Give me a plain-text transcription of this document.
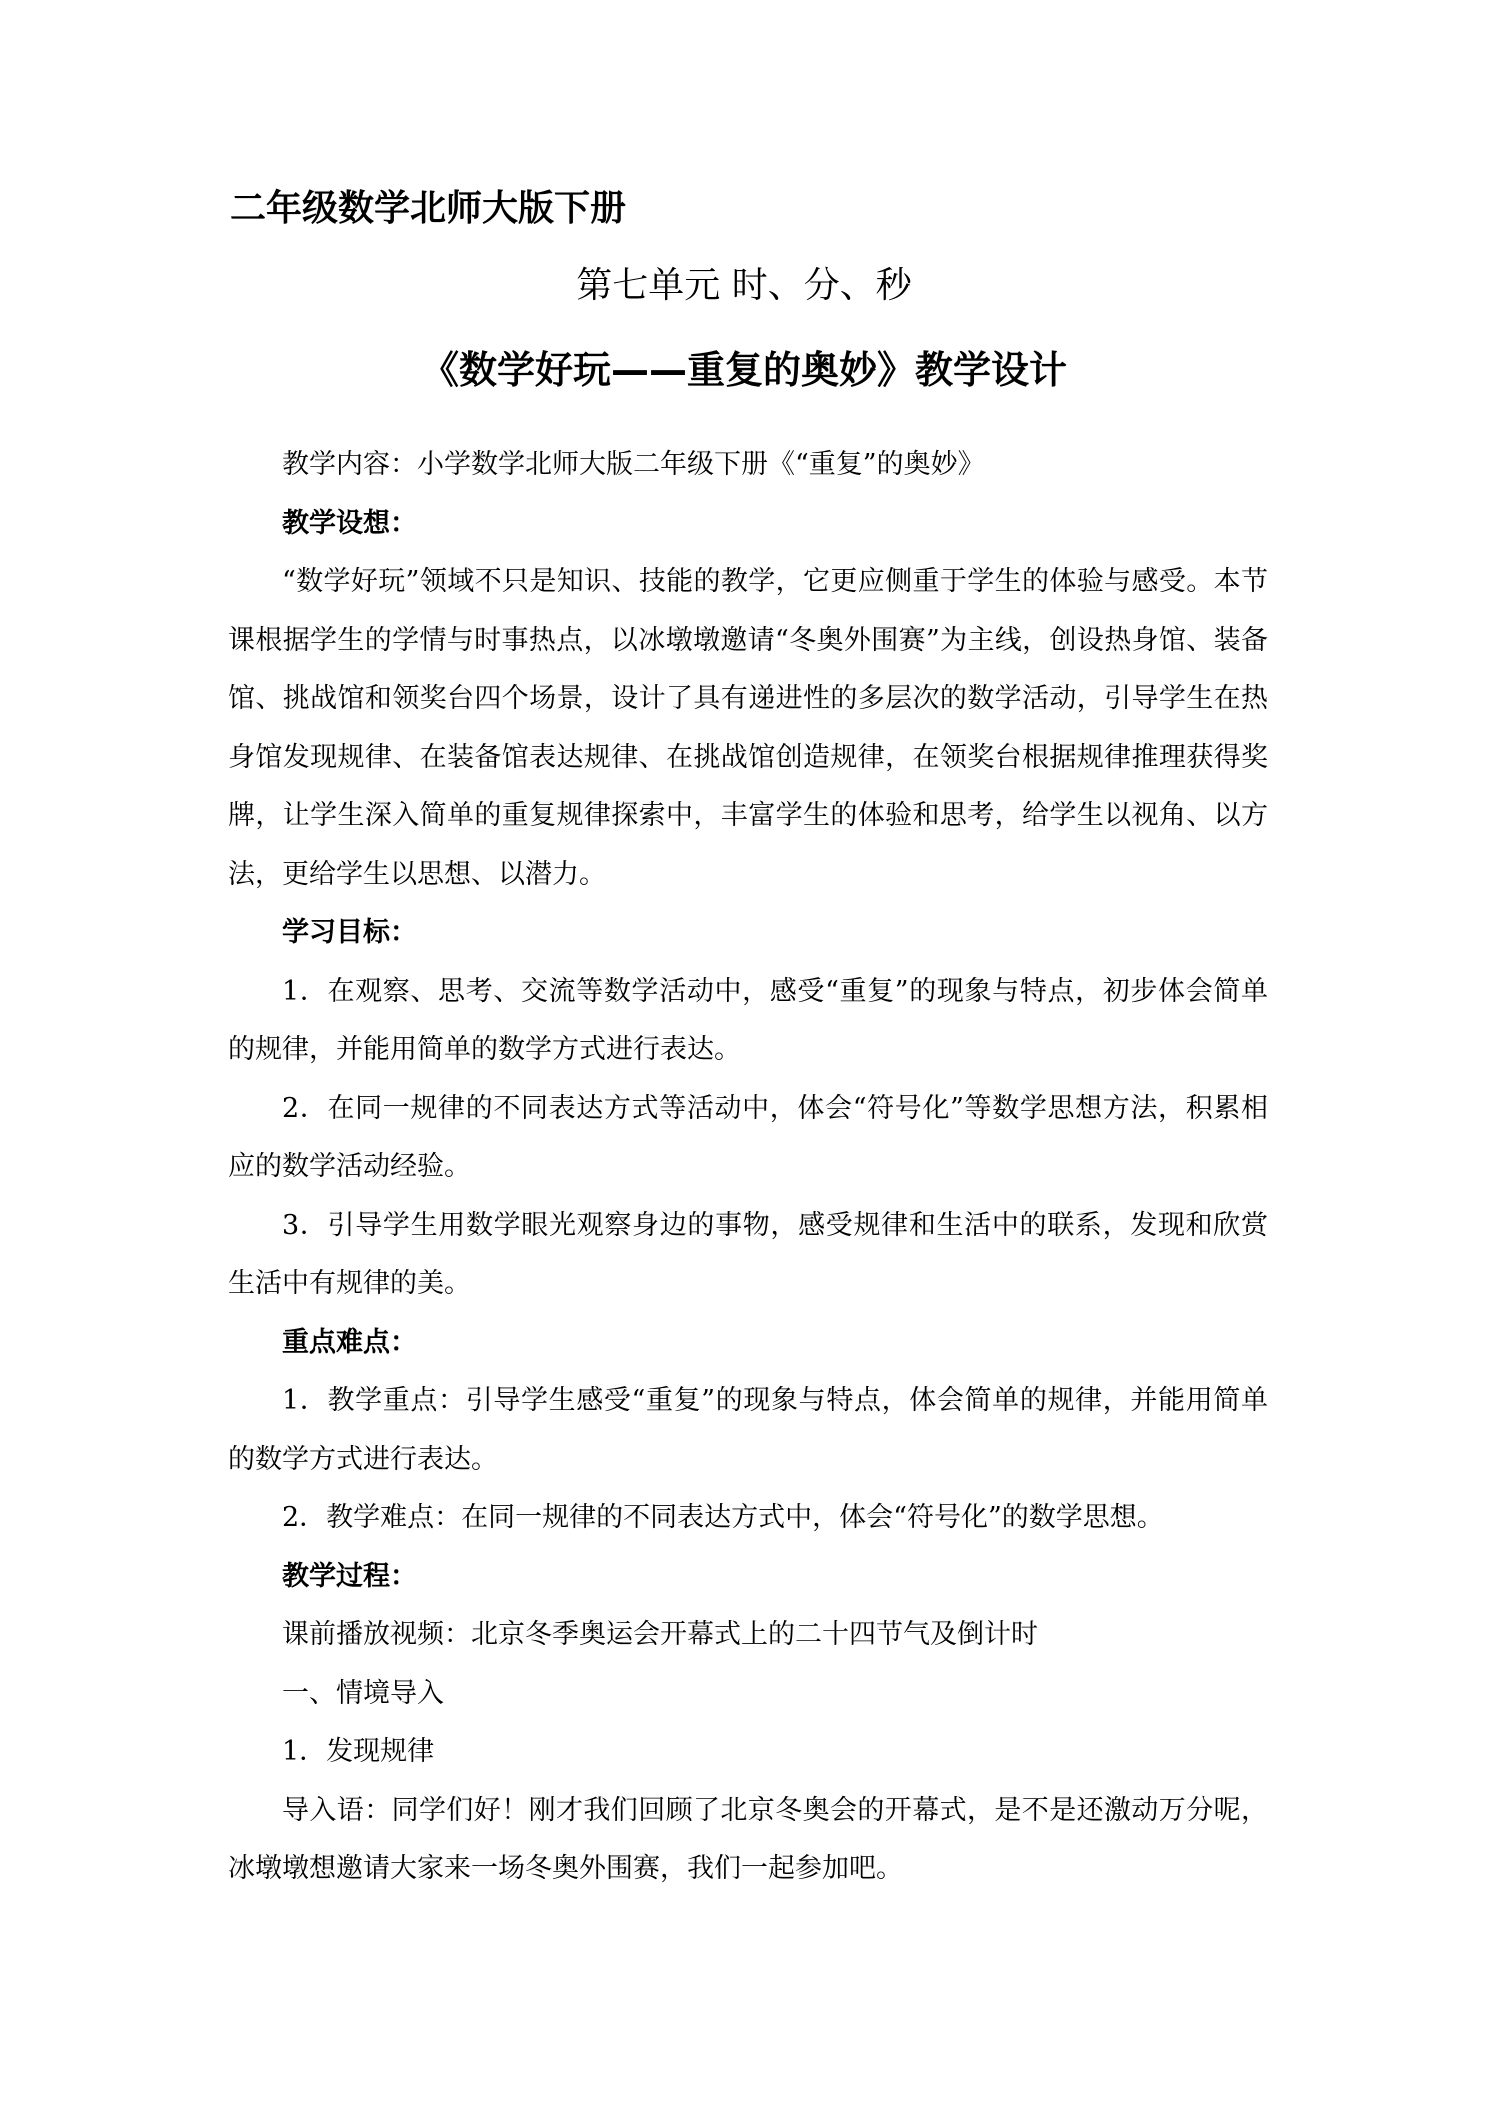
二年级数学北师大版下册
第七单元 时、分、秒
《数学好玩——重复的奥妙》教学设计

教学内容：小学数学北师大版二年级下册《“重复”的奥妙》

教学设想：

“数学好玩”领域不只是知识、技能的教学，它更应侧重于学生的体验与感受。本节课根据学生的学情与时事热点，以冰墩墩邀请“冬奥外围赛”为主线，创设热身馆、装备馆、挑战馆和领奖台四个场景，设计了具有递进性的多层次的数学活动，引导学生在热身馆发现规律、在装备馆表达规律、在挑战馆创造规律，在领奖台根据规律推理获得奖牌，让学生深入简单的重复规律探索中，丰富学生的体验和思考，给学生以视角、以方法，更给学生以思想、以潜力。

学习目标：

1．在观察、思考、交流等数学活动中，感受“重复”的现象与特点，初步体会简单的规律，并能用简单的数学方式进行表达。

2．在同一规律的不同表达方式等活动中，体会“符号化”等数学思想方法，积累相应的数学活动经验。

3．引导学生用数学眼光观察身边的事物，感受规律和生活中的联系，发现和欣赏生活中有规律的美。

重点难点：

1．教学重点：引导学生感受“重复”的现象与特点，体会简单的规律，并能用简单的数学方式进行表达。

2．教学难点：在同一规律的不同表达方式中，体会“符号化”的数学思想。

教学过程：

课前播放视频：北京冬季奥运会开幕式上的二十四节气及倒计时

一、情境导入

1．发现规律

导入语：同学们好！刚才我们回顾了北京冬奥会的开幕式，是不是还激动万分呢，冰墩墩想邀请大家来一场冬奥外围赛，我们一起参加吧。
